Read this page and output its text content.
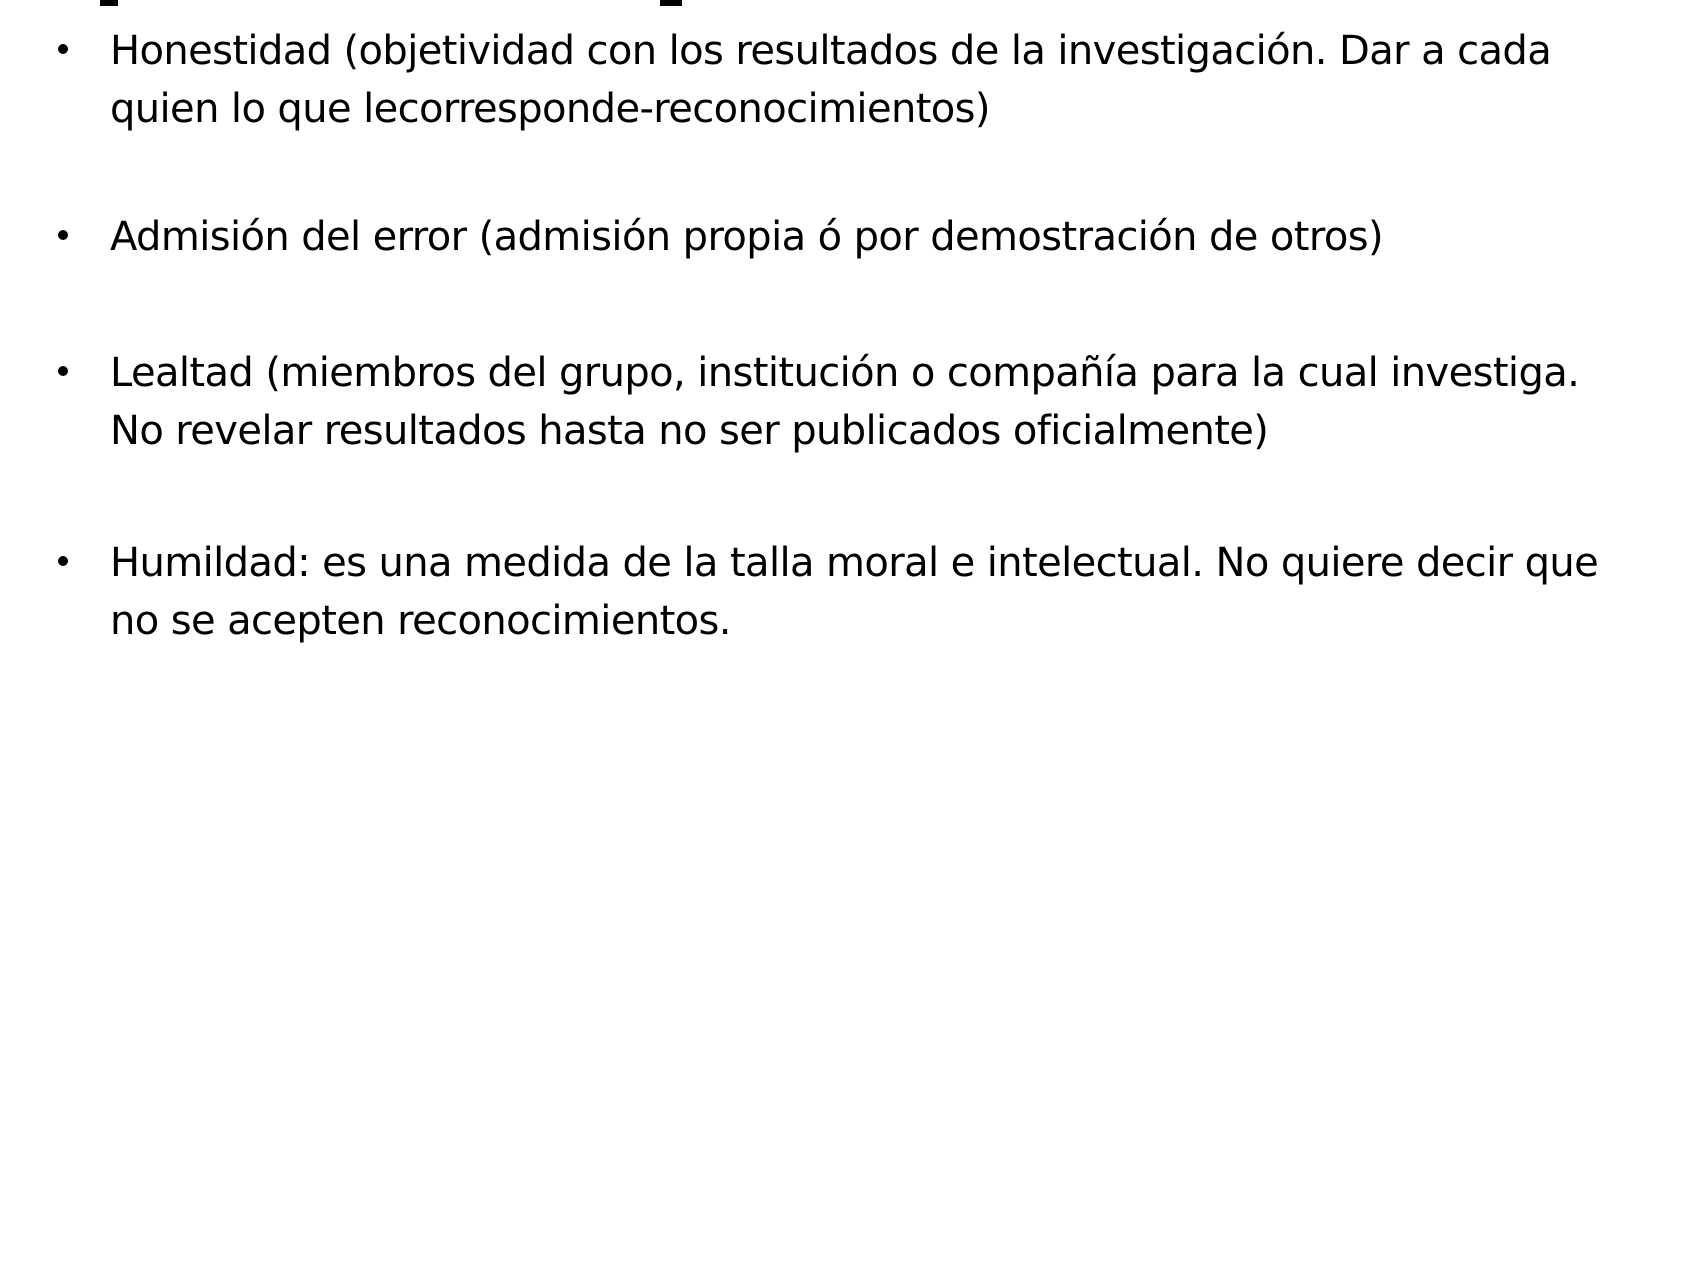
Honestidad (objetividad con los resultados de la investigación. Dar a cada
quien lo que lecorresponde-reconocimientos)
Admisión del error (admisión propia ó por demostración de otros)
Lealtad (miembros del grupo, institución o compañía para la cual investiga.
No revelar resultados hasta no ser publicados oficialmente)
Humildad: es una medida de la talla moral e intelectual. No quiere decir que
no se acepten reconocimientos.
